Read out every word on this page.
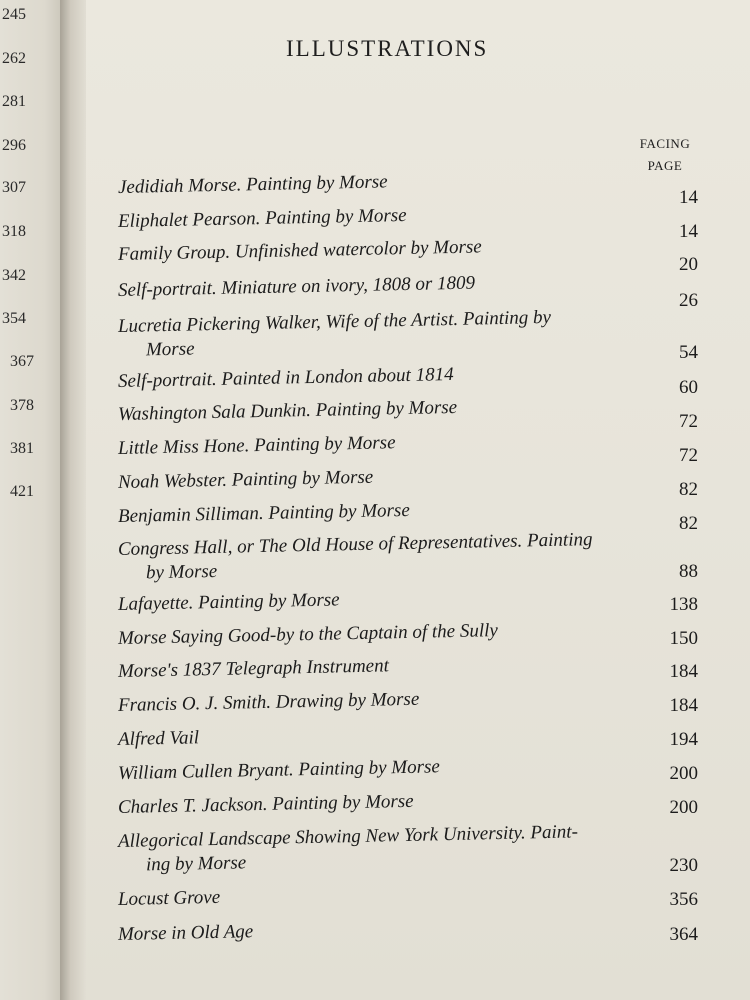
245
262
281
296
307
318
342
354
367
378
381
421
ILLUSTRATIONS
FACING
PAGE
Jedidiah Morse. Painting by Morse	14
Eliphalet Pearson. Painting by Morse	14
Family Group. Unfinished watercolor by Morse	20
Self-portrait. Miniature on ivory, 1808 or 1809	26
Lucretia Pickering Walker, Wife of the Artist. Painting by
Morse	54
Self-portrait. Painted in London about 1814	60
Washington Sala Dunkin. Painting by Morse	72
Little Miss Hone. Painting by Morse	72
Noah Webster. Painting by Morse	82
Benjamin Silliman. Painting by Morse	82
Congress Hall, or The Old House of Representatives. Painting
by Morse	88
Lafayette. Painting by Morse	138
Morse Saying Good-by to the Captain of the Sully	150
Morse's 1837 Telegraph Instrument	184
Francis O. J. Smith. Drawing by Morse	184
Alfred Vail	194
William Cullen Bryant. Painting by Morse	200
Charles T. Jackson. Painting by Morse	200
Allegorical Landscape Showing New York University. Paint-
ing by Morse	230
Locust Grove	356
Morse in Old Age	364
